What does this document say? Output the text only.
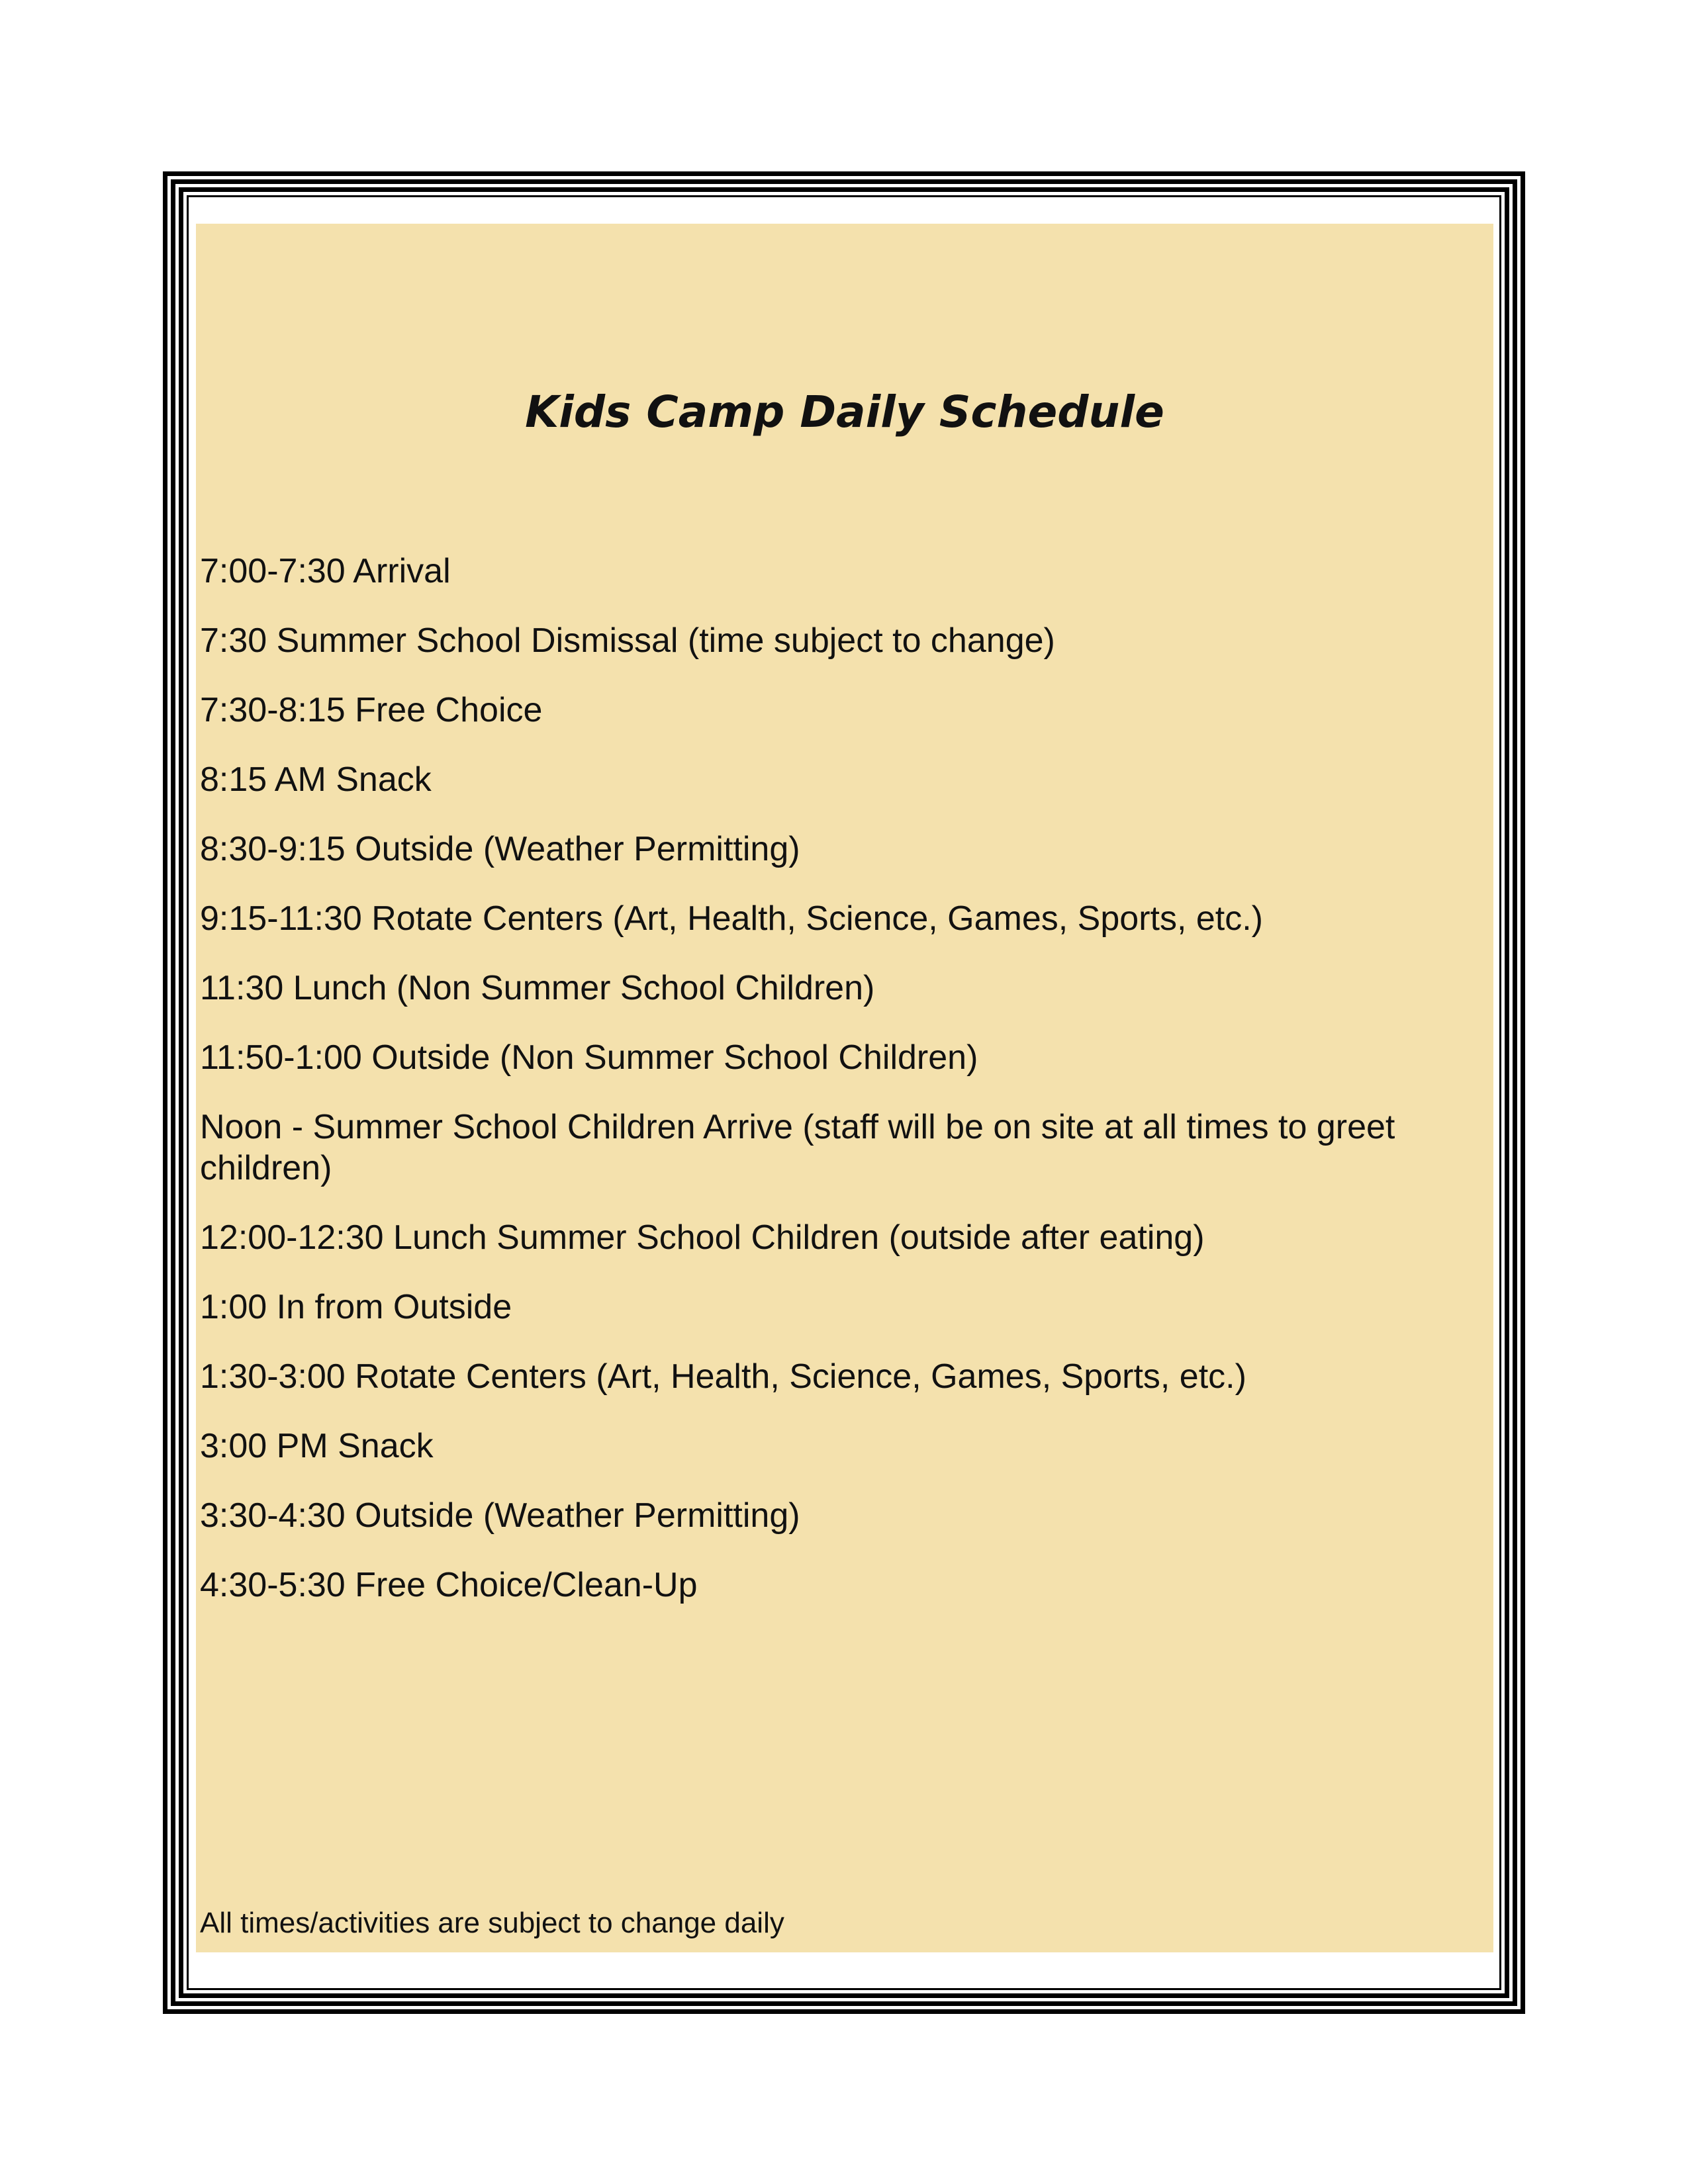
Kids Camp Daily Schedule
7:00-7:30 Arrival
7:30 Summer School Dismissal (time subject to change)
7:30-8:15 Free Choice
8:15 AM Snack
8:30-9:15 Outside (Weather Permitting)
9:15-11:30 Rotate Centers (Art, Health, Science, Games, Sports, etc.)
11:30 Lunch (Non Summer School Children)
11:50-1:00 Outside (Non Summer School Children)
Noon - Summer School Children Arrive (staff will be on site at all times to greet children)
12:00-12:30 Lunch Summer School Children (outside after eating)
1:00 In from Outside
1:30-3:00 Rotate Centers (Art, Health, Science, Games, Sports, etc.)
3:00 PM Snack
3:30-4:30 Outside (Weather Permitting)
4:30-5:30 Free Choice/Clean-Up

All times/activities are subject to change daily
